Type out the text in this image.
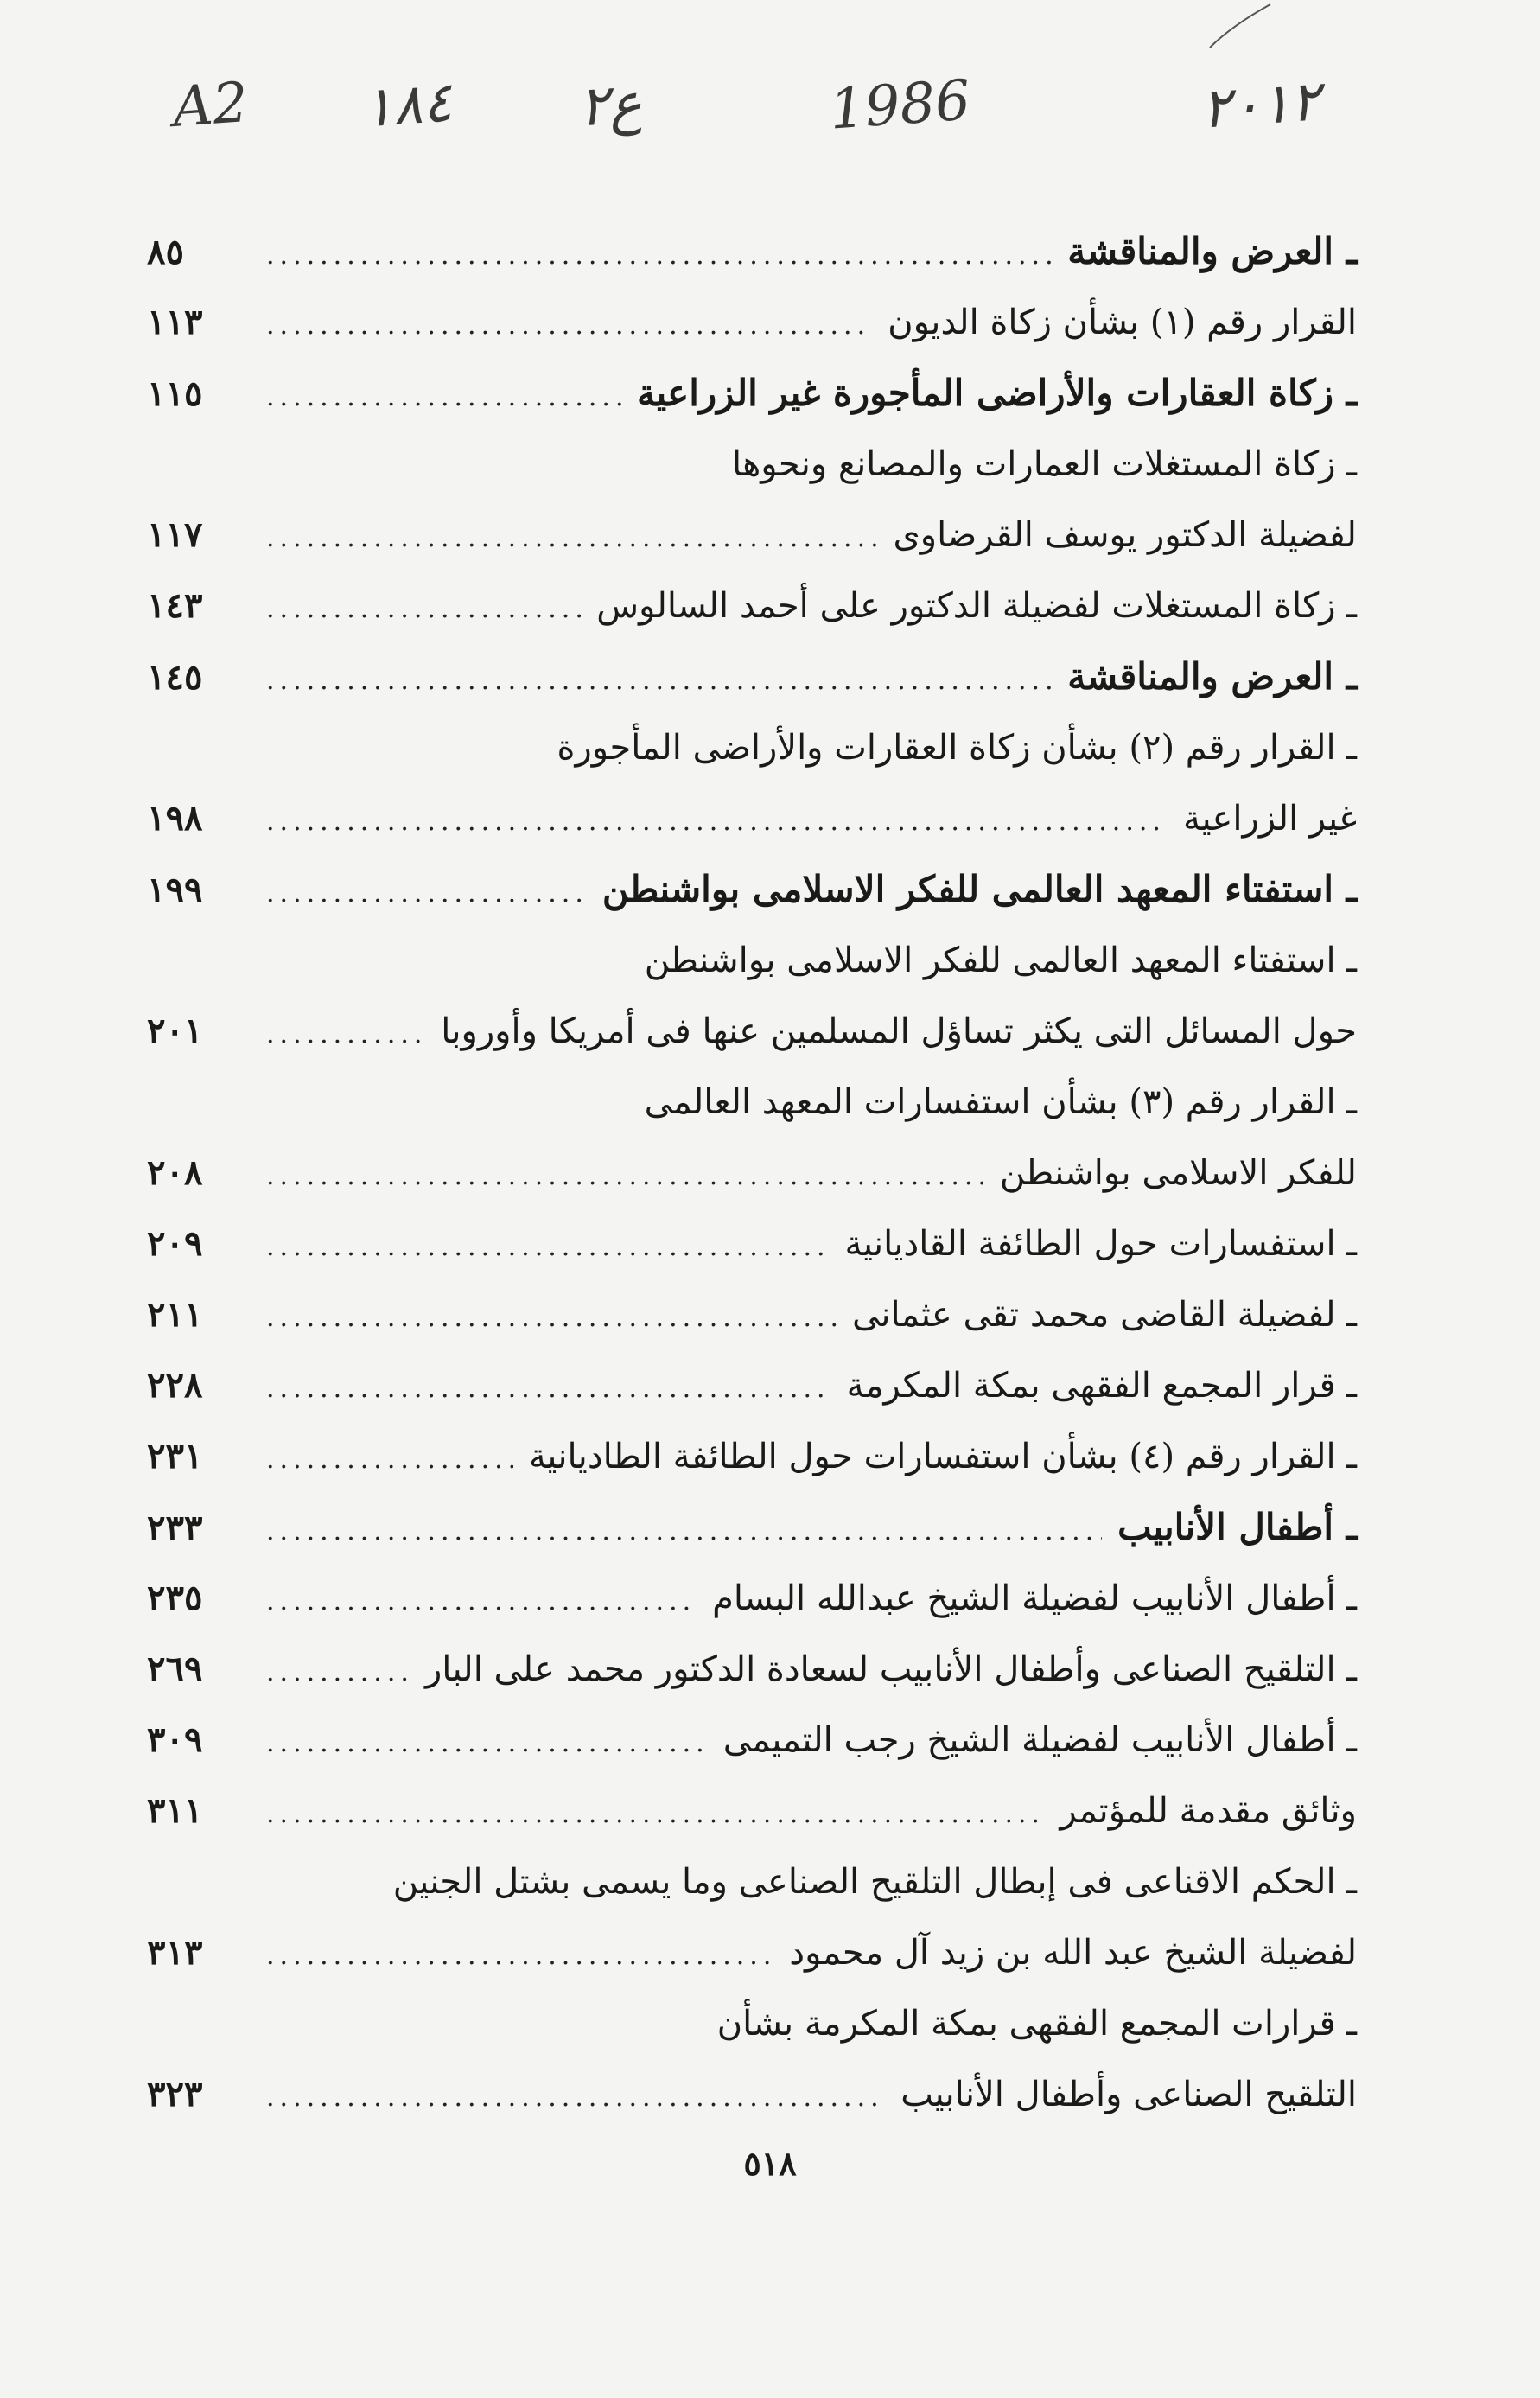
A2 ١٨٤ ع٢	1986	٢٠١٢
ـ العرض والمناقشة
.....
٨٥
القرار رقم (١) بشأن زكاة الديون
.....
١١٣
ـ زكاة العقارات والأراضى المأجورة غير الزراعية
.....
١١٥
ـ زكاة المستغلات العمارات والمصانع ونحوها
لفضيلة الدكتور يوسف القرضاوى
.....
١١٧
ـ زكاة المستغلات لفضيلة الدكتور على أحمد السالوس
.....
١٤٣
ـ العرض والمناقشة
.....
١٤٥
ـ القرار رقم (٢) بشأن زكاة العقارات والأراضى المأجورة
غير الزراعية
.....
١٩٨
ـ استفتاء المعهد العالمى للفكر الاسلامى بواشنطن
.....
١٩٩
ـ استفتاء المعهد العالمى للفكر الاسلامى بواشنطن
حول المسائل التى يكثر تساؤل المسلمين عنها فى أمريكا وأوروبا
.....
٢٠١
ـ القرار رقم (٣) بشأن استفسارات المعهد العالمى
للفكر الاسلامى بواشنطن
.....
٢٠٨
ـ استفسارات حول الطائفة القاديانية
.....
٢٠٩
ـ لفضيلة القاضى محمد تقى عثمانى
.....
٢١١
ـ قرار المجمع الفقهى بمكة المكرمة
.....
٢٢٨
ـ القرار رقم (٤) بشأن استفسارات حول الطائفة الطاديانية
.....
٢٣١
ـ أطفال الأنابيب
.....
٢٣٣
ـ أطفال الأنابيب لفضيلة الشيخ عبدالله البسام
.....
٢٣٥
ـ التلقيح الصناعى وأطفال الأنابيب لسعادة الدكتور محمد على البار
.....
٢٦٩
ـ أطفال الأنابيب لفضيلة الشيخ رجب التميمى
.....
٣٠٩
وثائق مقدمة للمؤتمر
.....
٣١١
ـ الحكم الاقناعى فى إبطال التلقيح الصناعى وما يسمى بشتل الجنين
لفضيلة الشيخ عبد الله بن زيد آل محمود
.....
٣١٣
ـ قرارات المجمع الفقهى بمكة المكرمة بشأن
التلقيح الصناعى وأطفال الأنابيب
.....
٣٢٣
٥١٨
